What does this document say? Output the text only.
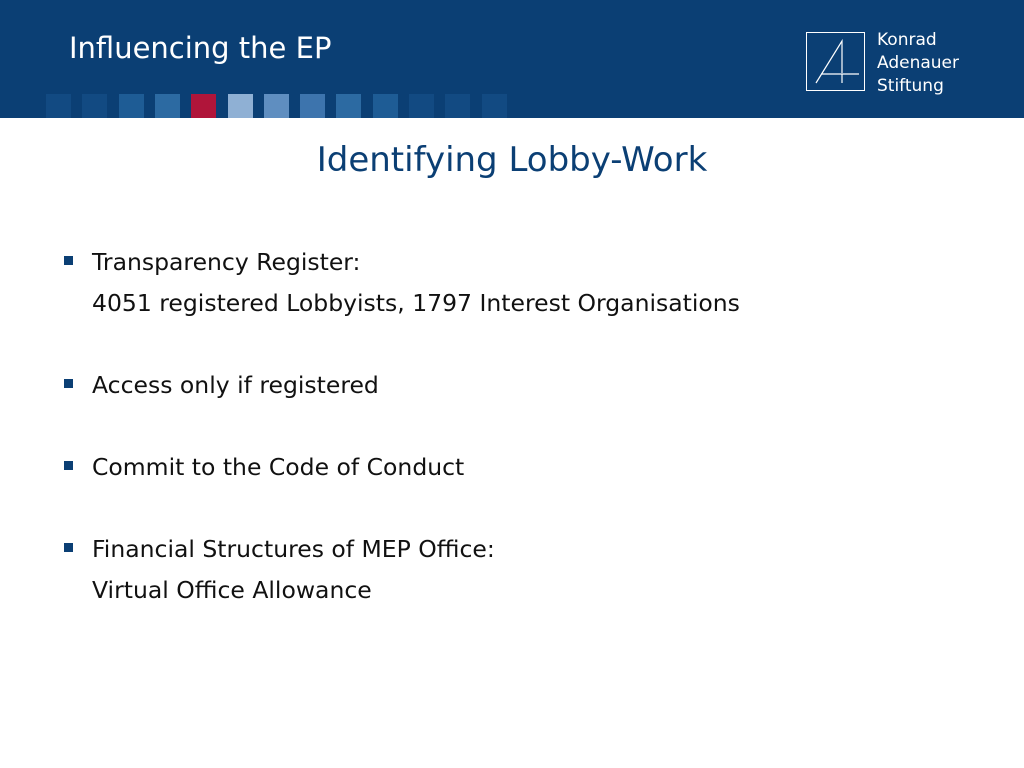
Influencing the EP	Konrad
Adenauer
Stiftung
Identifying Lobby-Work
Transparency Register:
4051 registered Lobbyists, 1797 Interest Organisations
Access only if registered
Commit to the Code of Conduct
Financial Structures of MEP Office:
Virtual Office Allowance
